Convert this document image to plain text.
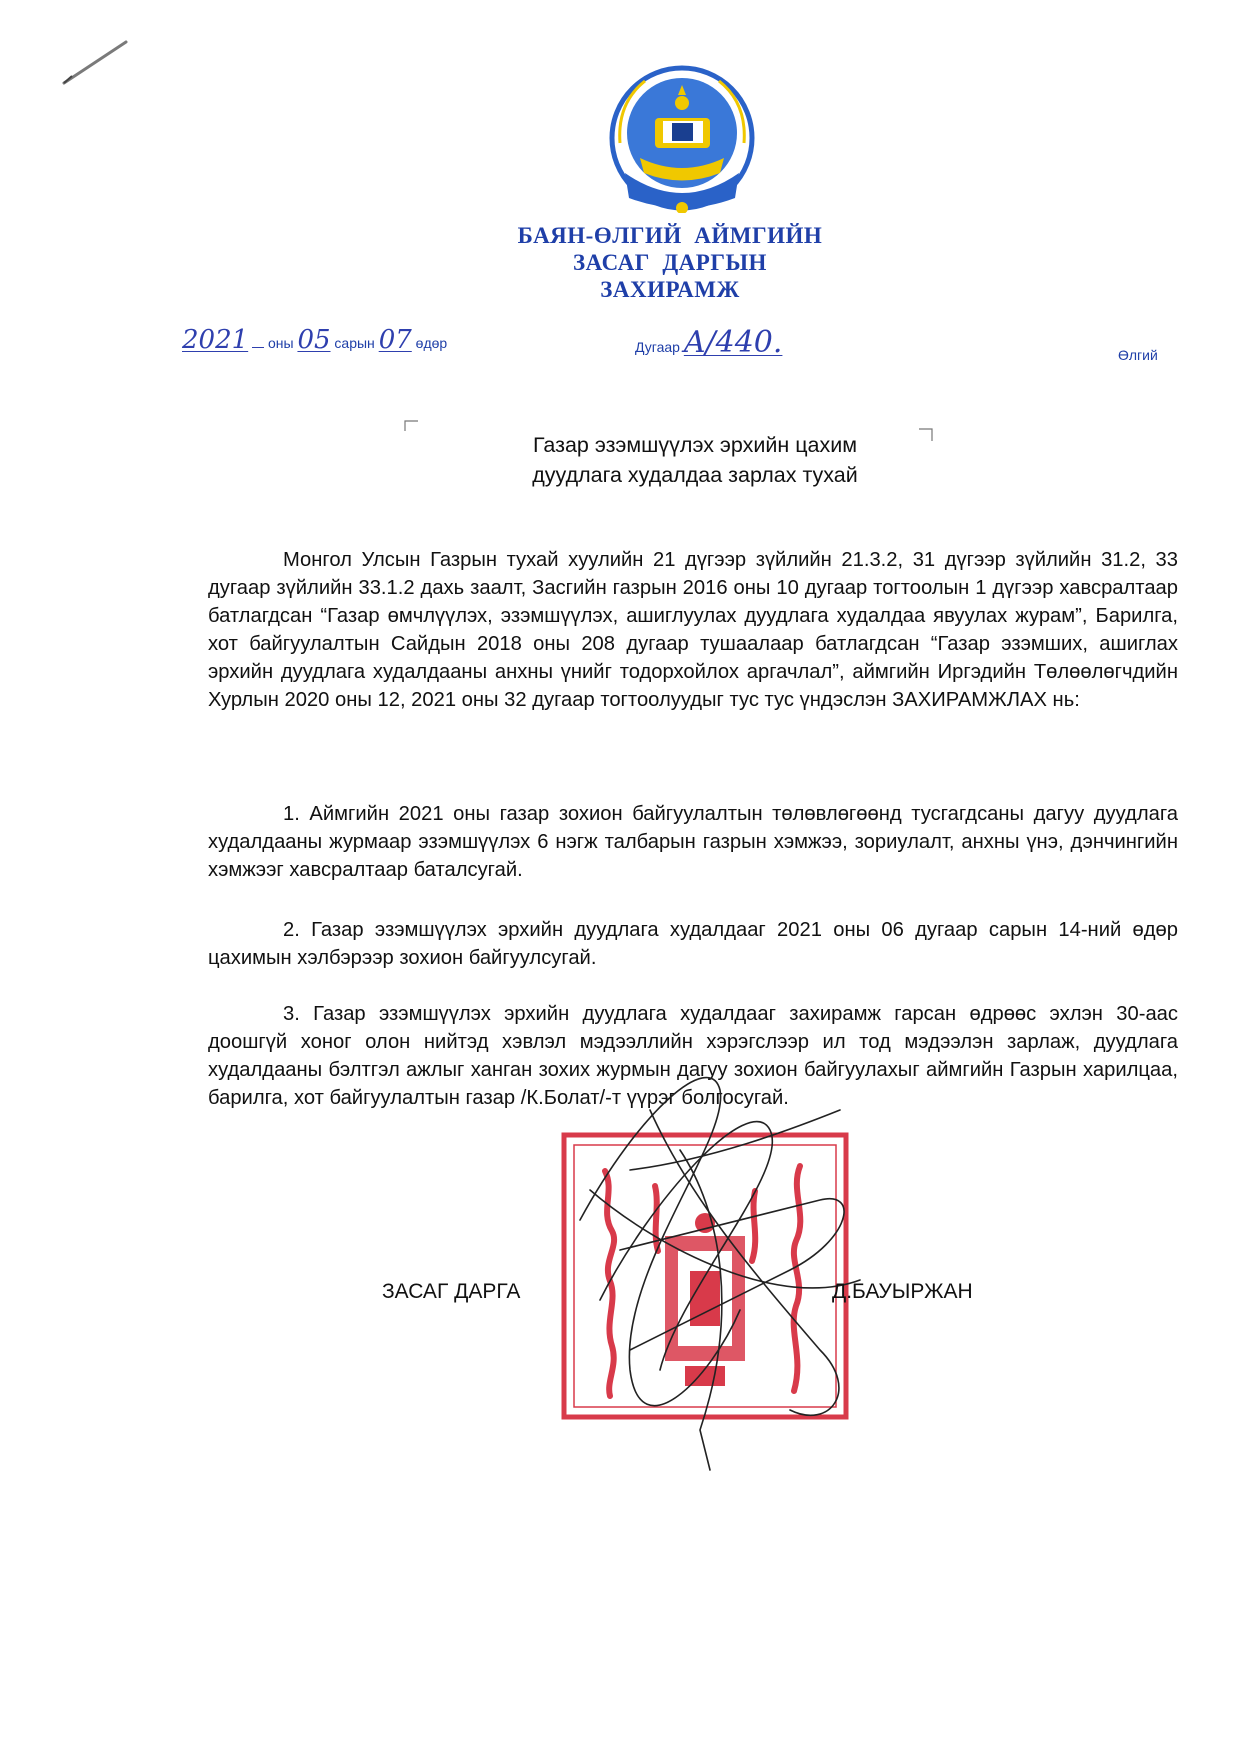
БАЯН-ӨЛГИЙ  АЙМГИЙН
ЗАСАГ  ДАРГЫН
ЗАХИРАМЖ
2021 оны 05 сарын 07 өдөр	Дугаар A/440.	Өлгий
Газар эзэмшүүлэх эрхийн цахим
дуудлага худалдаа зарлах тухай

Монгол Улсын Газрын тухай хуулийн 21 дүгээр зүйлийн 21.3.2, 31 дүгээр зүйлийн 31.2, 33 дугаар зүйлийн 33.1.2 дахь заалт, Засгийн газрын 2016 оны 10 дугаар тогтоолын 1 дүгээр хавсралтаар батлагдсан “Газар өмчлүүлэх, эзэмшүүлэх, ашиглуулах дуудлага худалдаа явуулах журам”, Барилга, хот байгуулалтын Сайдын 2018 оны 208 дугаар тушаалаар батлагдсан “Газар эзэмших, ашиглах эрхийн дуудлага худалдааны анхны үнийг тодорхойлох аргачлал”, аймгийн Иргэдийн Төлөөлөгчдийн Хурлын 2020 оны 12, 2021 оны 32 дугаар тогтоолуудыг тус тус үндэслэн ЗАХИРАМЖЛАХ нь:

1. Аймгийн 2021 оны газар зохион байгуулалтын төлөвлөгөөнд тусгагдсаны дагуу дуудлага худалдааны журмаар эзэмшүүлэх 6 нэгж талбарын газрын хэмжээ, зориулалт, анхны үнэ, дэнчингийн хэмжээг хавсралтаар баталсугай.

2. Газар эзэмшүүлэх эрхийн дуудлага худалдааг 2021 оны 06 дугаар сарын 14-ний өдөр цахимын хэлбэрээр зохион байгуулсугай.

3. Газар эзэмшүүлэх эрхийн дуудлага худалдааг захирамж гарсан өдрөөс эхлэн 30-аас доошгүй хоног олон нийтэд хэвлэл мэдээллийн хэрэгслээр ил тод мэдээлэн зарлаж, дуудлага худалдааны бэлтгэл ажлыг ханган зохих журмын дагуу зохион байгуулахыг аймгийн Газрын харилцаа, барилга, хот байгуулалтын газар /К.Болат/-т үүрэг болгосугай.

ЗАСАГ ДАРГА	Д.БАУЫРЖАН
